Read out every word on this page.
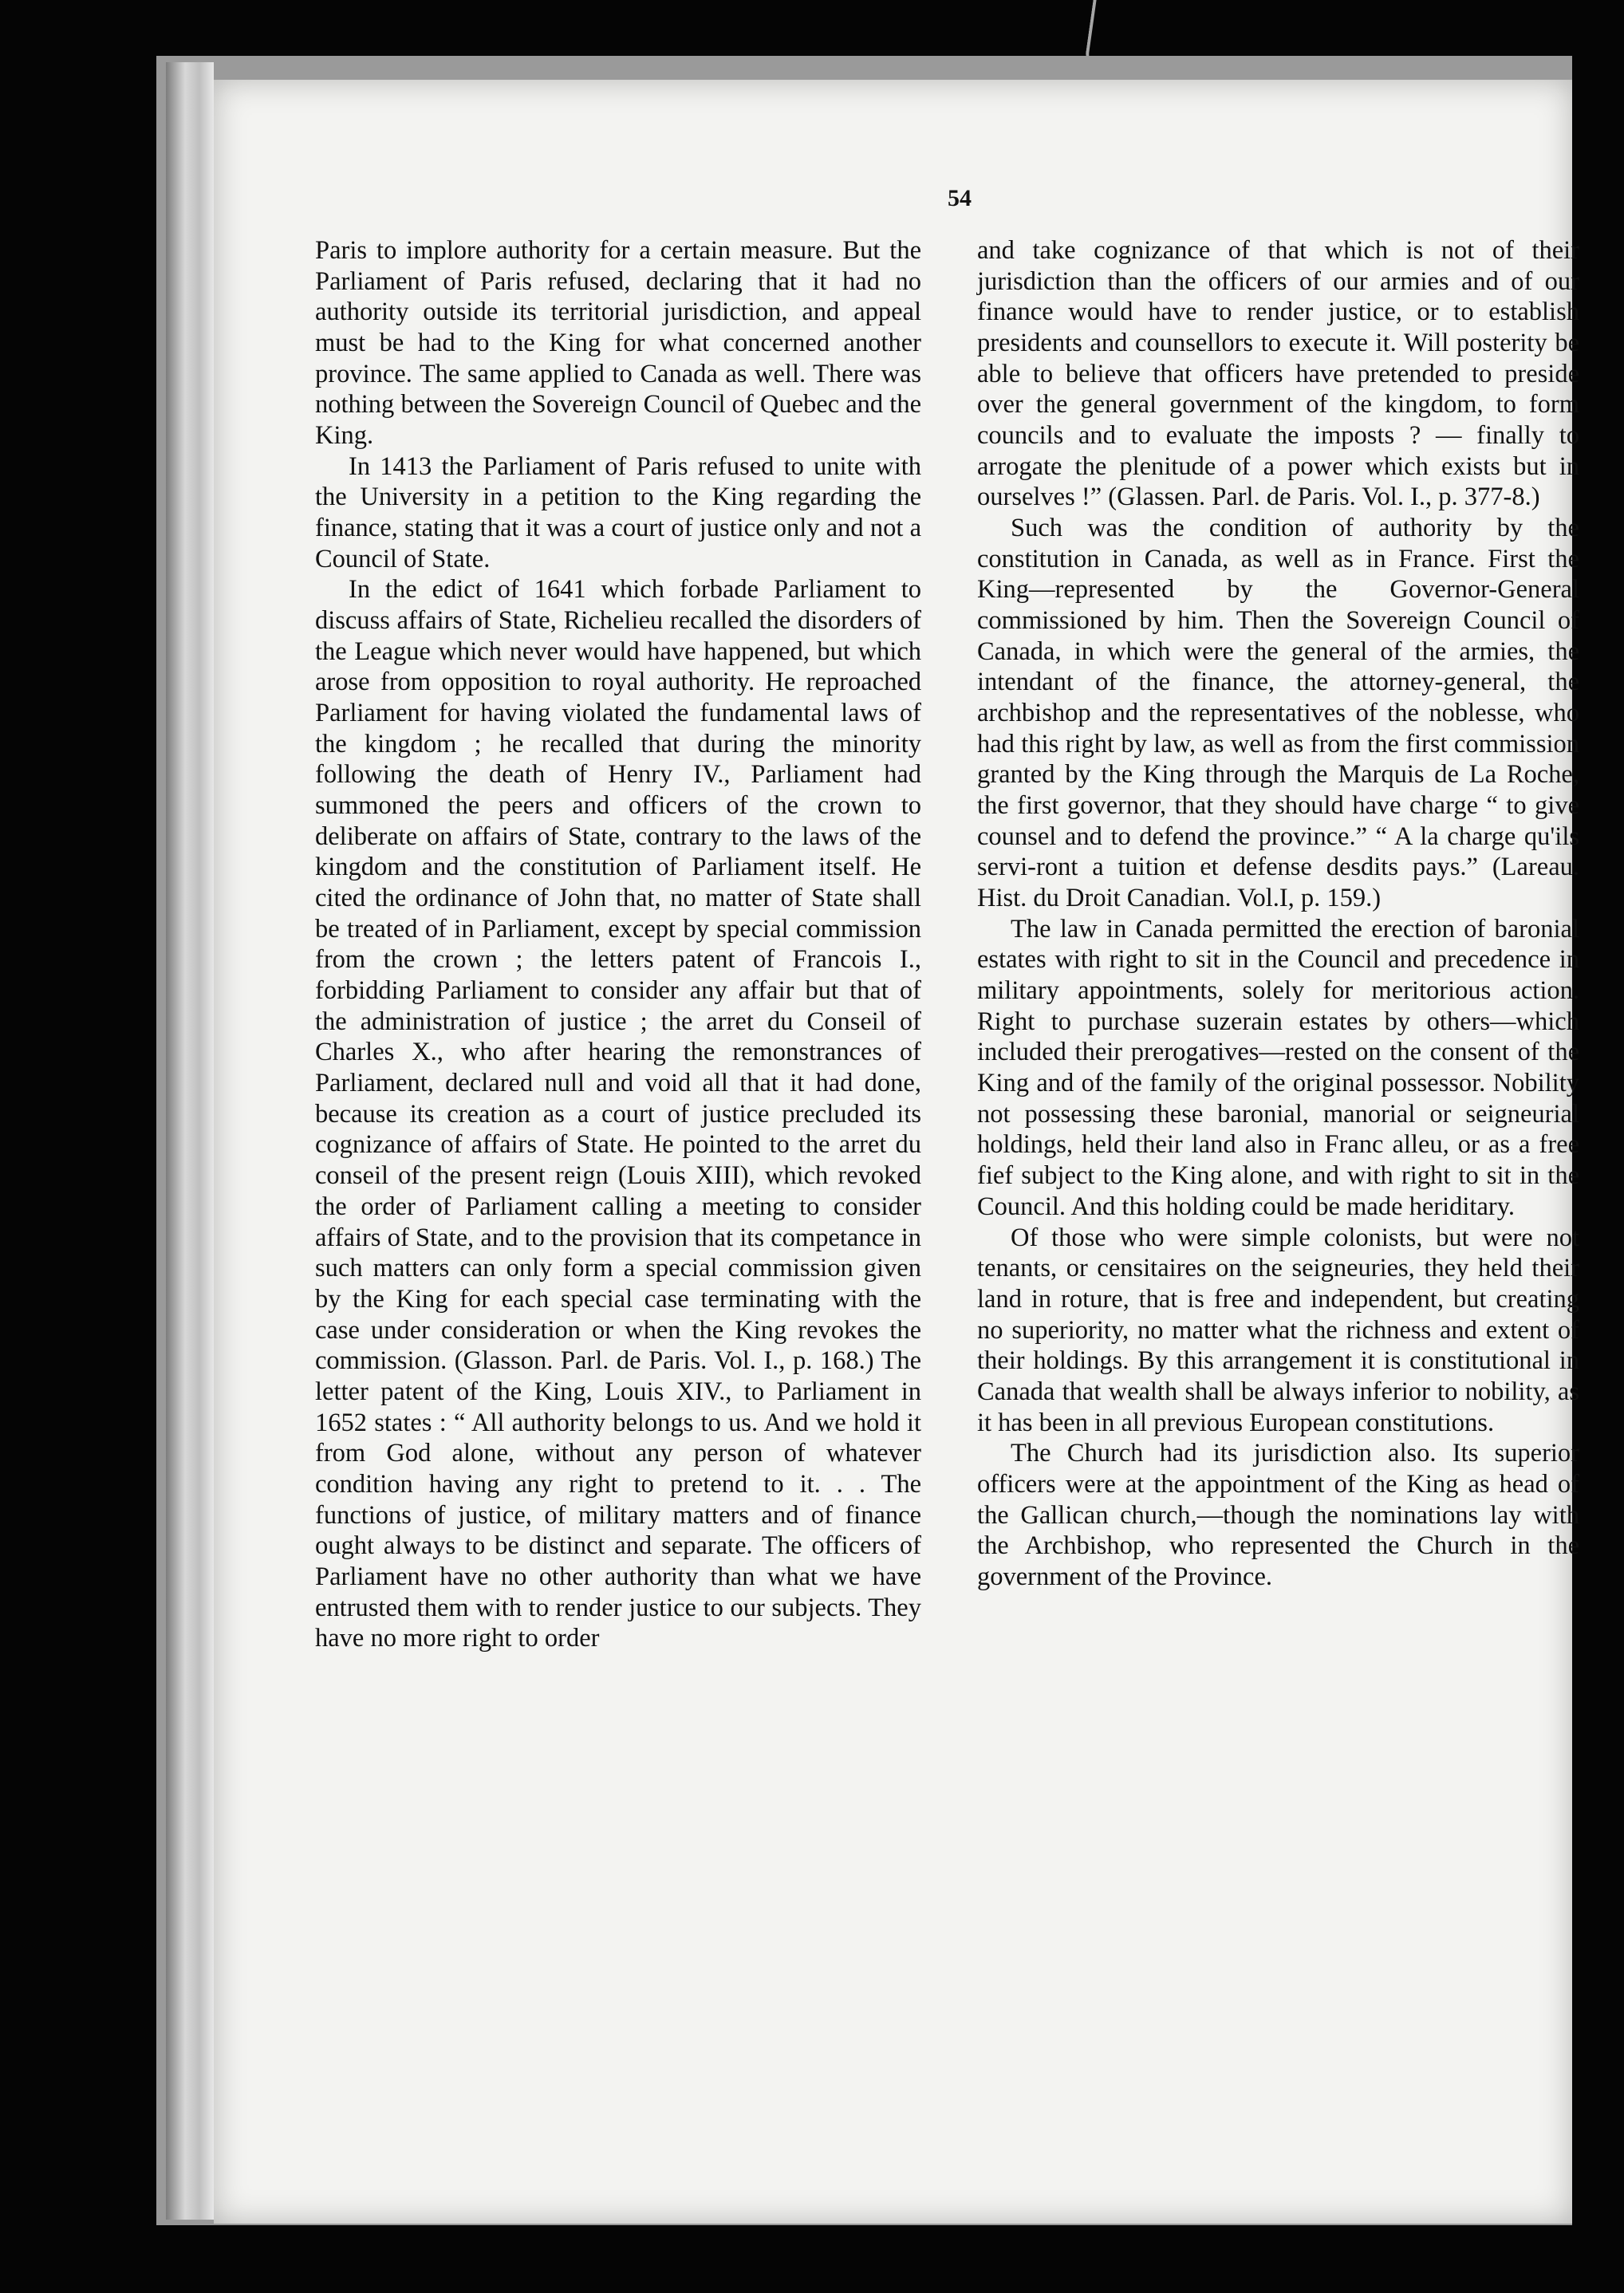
54

Paris to implore authority for a certain measure. But the Parliament of Paris refused, declaring that it had no authority outside its territorial jurisdiction, and appeal must be had to the King for what concerned another province. The same applied to Canada as well. There was nothing between the Sovereign Council of Quebec and the King.

In 1413 the Parliament of Paris refused to unite with the University in a petition to the King regarding the finance, stating that it was a court of justice only and not a Council of State.

In the edict of 1641 which forbade Parliament to discuss affairs of State, Richelieu recalled the disorders of the League which never would have happened, but which arose from opposition to royal authority. He reproached Parliament for having violated the fundamental laws of the kingdom ; he recalled that during the minority following the death of Henry IV., Parliament had summoned the peers and officers of the crown to deliberate on affairs of State, contrary to the laws of the kingdom and the constitution of Parliament itself. He cited the ordinance of John that, no matter of State shall be treated of in Parliament, except by special commission from the crown ; the letters patent of Francois I., forbidding Parliament to consider any affair but that of the administration of justice ; the arret du Conseil of Charles X., who after hearing the remonstrances of Parliament, declared null and void all that it had done, because its creation as a court of justice precluded its cognizance of affairs of State. He pointed to the arret du conseil of the present reign (Louis XIII), which revoked the order of Parliament calling a meeting to consider affairs of State, and to the provision that its competance in such matters can only form a special commission given by the King for each special case terminating with the case under consideration or when the King revokes the commission. (Glasson. Parl. de Paris. Vol. I., p. 168.) The letter patent of the King, Louis XIV., to Parliament in 1652 states : “ All authority belongs to us. And we hold it from God alone, without any person of whatever condition having any right to pretend to it. . . The functions of justice, of military matters and of finance ought always to be distinct and separate. The officers of Parliament have no other authority than what we have entrusted them with to render justice to our subjects. They have no more right to order

and take cognizance of that which is not of their jurisdiction than the officers of our armies and of our finance would have to render justice, or to establish presidents and counsellors to execute it. Will posterity be able to believe that officers have pretended to preside over the general government of the kingdom, to form councils and to evaluate the imposts ? — finally to arrogate the plenitude of a power which exists but in ourselves !” (Glassen. Parl. de Paris. Vol. I., p. 377-8.)

Such was the condition of authority by the constitution in Canada, as well as in France. First the King—represented by the Governor-General commissioned by him. Then the Sovereign Council of Canada, in which were the general of the armies, the intendant of the finance, the attorney-general, the archbishop and the representatives of the noblesse, who had this right by law, as well as from the first commission granted by the King through the Marquis de La Roche, the first governor, that they should have charge “ to give counsel and to defend the province.” “ A la charge qu'ils servi-ront a tuition et defense desdits pays.” (Lareau. Hist. du Droit Canadian. Vol.I, p. 159.)

The law in Canada permitted the erection of baronial estates with right to sit in the Council and precedence in military appointments, solely for meritorious action. Right to purchase suzerain estates by others—which included their prerogatives—rested on the consent of the King and of the family of the original possessor. Nobility not possessing these baronial, manorial or seigneurial holdings, held their land also in Franc alleu, or as a free fief subject to the King alone, and with right to sit in the Council. And this holding could be made heriditary.

Of those who were simple colonists, but were not tenants, or censitaires on the seigneuries, they held their land in roture, that is free and independent, but creating no superiority, no matter what the richness and extent of their holdings. By this arrangement it is constitutional in Canada that wealth shall be always inferior to nobility, as it has been in all previous European constitutions.

The Church had its jurisdiction also. Its superior officers were at the appointment of the King as head of the Gallican church,—though the nominations lay with the Archbishop, who represented the Church in the government of the Province.
